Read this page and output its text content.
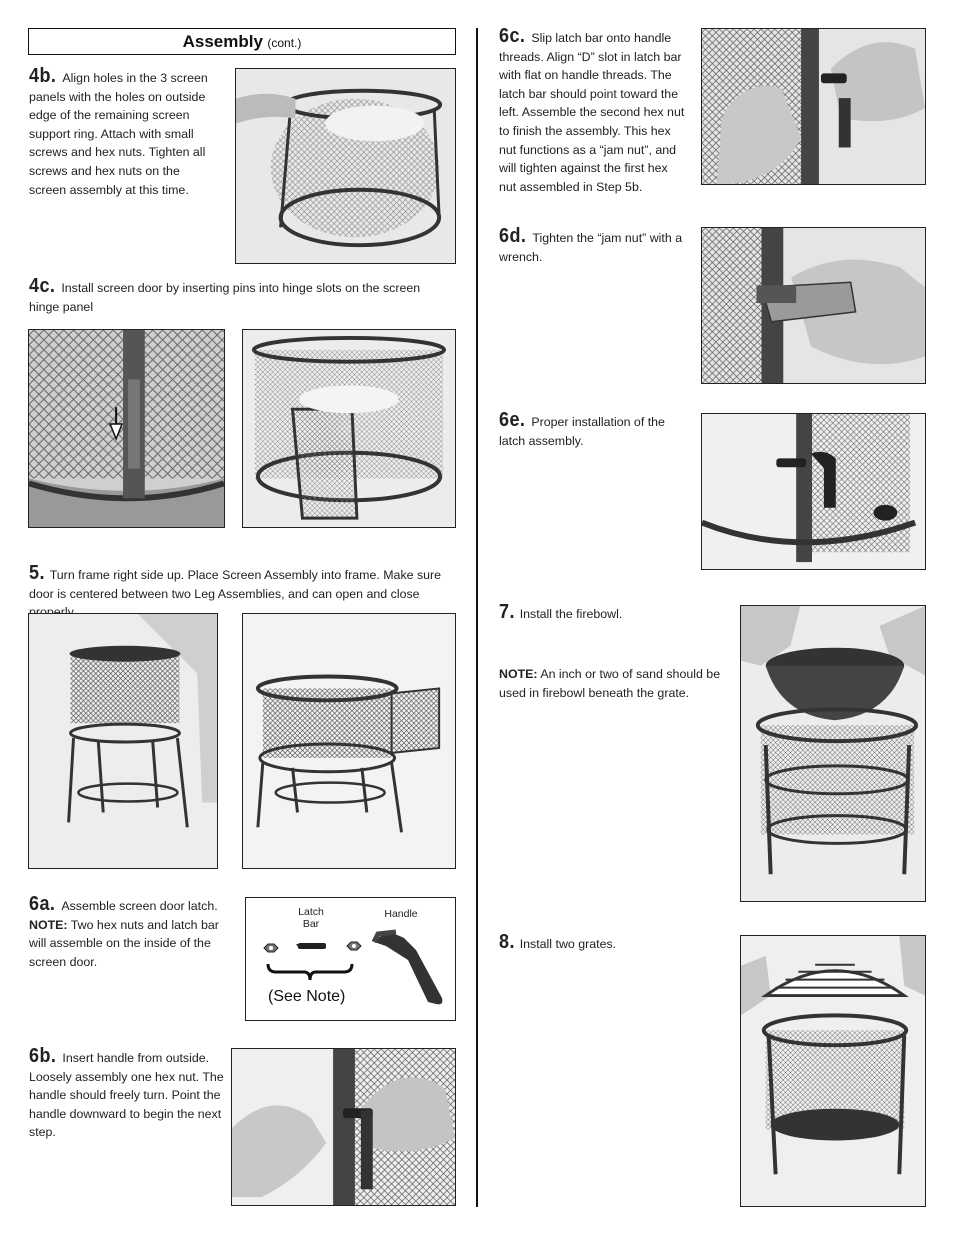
Assembly (cont.)
4b. Align holes in the 3 screen panels with the holes on outside edge of the remaining screen support ring. Attach with small screws and hex nuts. Tighten all screws and hex nuts on the screen assembly at this time.
4c. Install screen door by inserting pins into hinge slots on the screen hinge panel
5. Turn frame right side up. Place Screen Assembly into frame. Make sure door is centered between two Leg Assemblies, and can open and close
6a. Assemble screen door latch.
NOTE: Two hex nuts and latch bar will assemble on the inside of the screen door.
Latch
Bar
Handle
(See Note)
6b. Insert handle from outside. Loosely assembly one hex nut. The handle should freely turn. Point the handle downward to begin the next step.
6c. Slip latch bar onto handle threads. Align “D” slot in latch bar with flat on handle threads. The latch bar should point toward the left. Assemble the second hex nut to finish the assembly. This hex nut functions as a “jam nut”, and will tighten against the first hex nut assembled in Step 5b.
6d. Tighten the “jam nut” with a wrench.
6e. Proper installation of the latch assembly.
7. Install the firebowl.
NOTE: An inch or two of sand should be used in firebowl beneath the grate.
8. Install two grates.
